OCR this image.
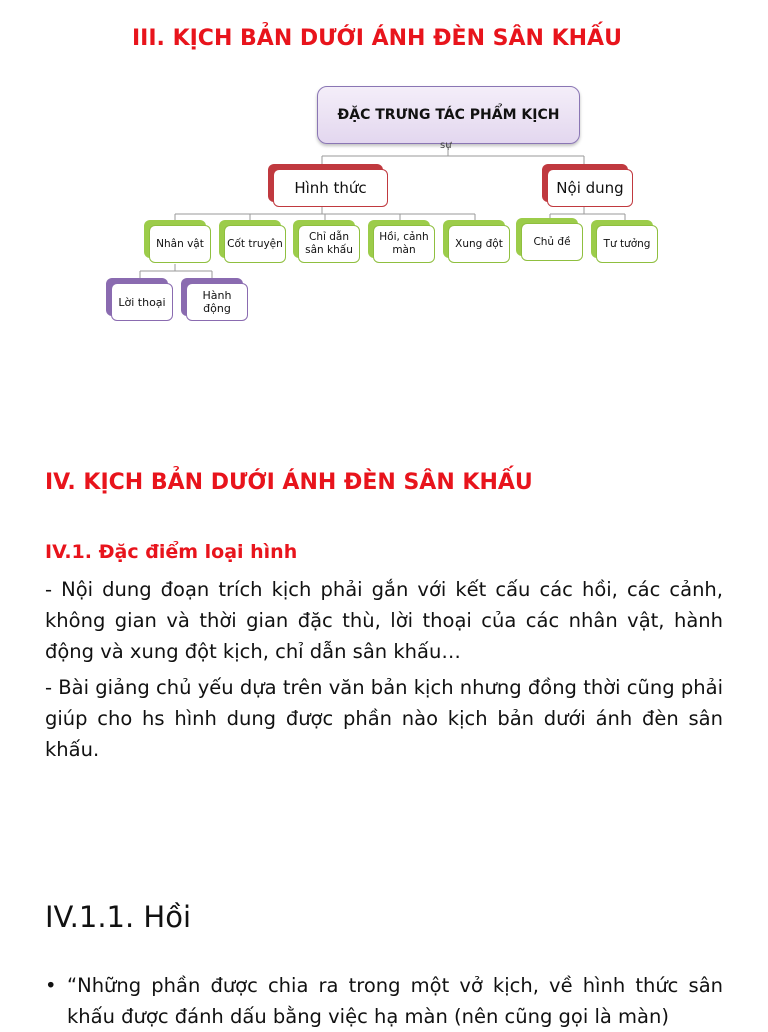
III. KỊCH BẢN DƯỚI ÁNH ĐÈN SÂN KHẤU
ĐẶC TRƯNG TÁC PHẨM KỊCH
sự
Hình thức	Nội dung
Nhân vật	Cốt truyện
Chỉ dẫn sân khấu
Hồi, cảnh màn
Xung đột	Chủ đề	Tư tưởng
Lời thoại	Hành động
IV. KỊCH BẢN DƯỚI ÁNH ĐÈN SÂN KHẤU
IV.1. Đặc điểm loại hình

- Nội dung đoạn trích kịch phải gắn với kết cấu các hồi, các cảnh, không gian và thời gian đặc thù, lời thoại của các nhân vật, hành động và xung đột kịch, chỉ dẫn sân khấu…

- Bài giảng chủ yếu dựa trên văn bản kịch nhưng đồng thời cũng phải giúp cho hs hình dung được phần nào kịch bản dưới ánh đèn sân khấu.

IV.1.1. Hồi
• “Những phần được chia ra trong một vở kịch, về hình thức sân khấu được đánh dấu bằng việc hạ màn (nên cũng gọi là màn)
